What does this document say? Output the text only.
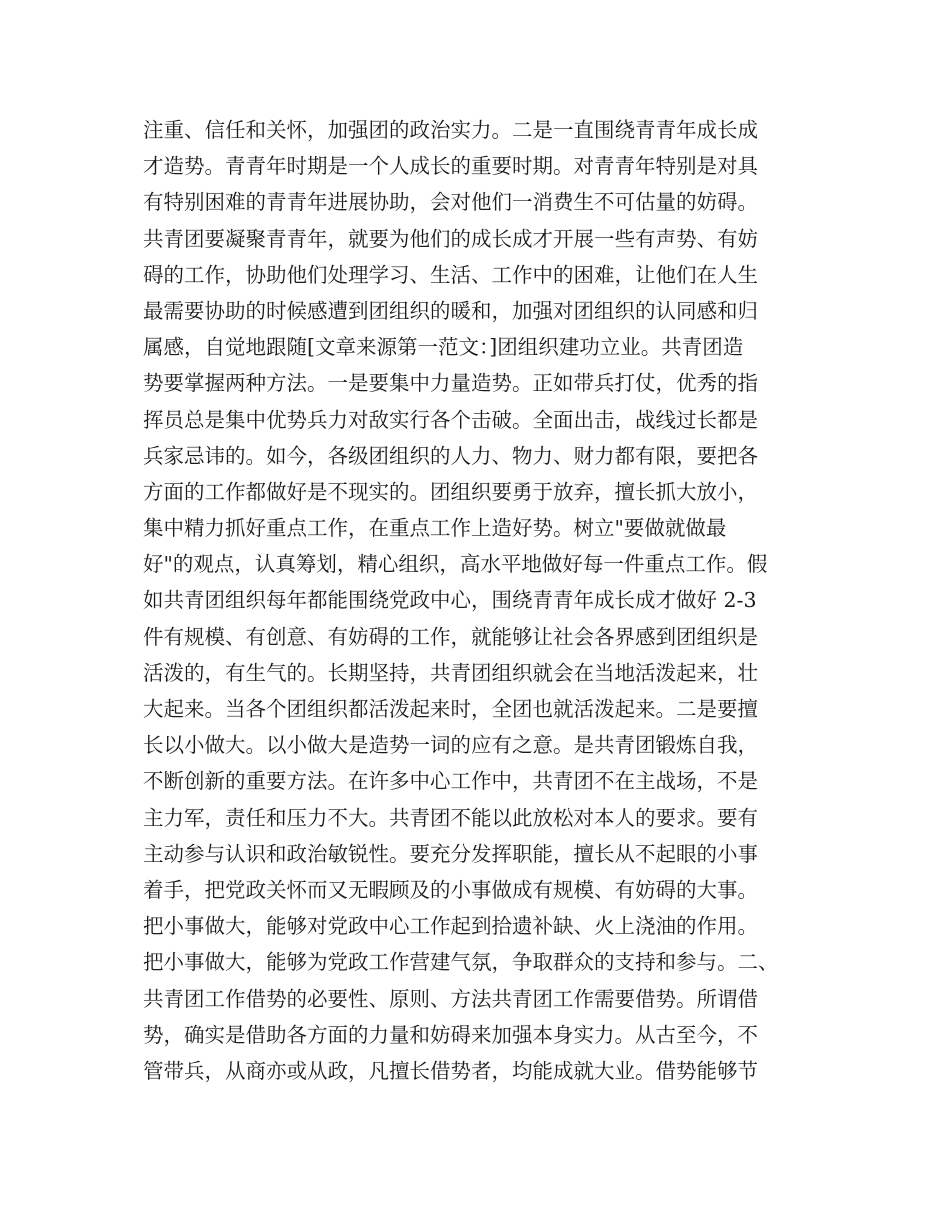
注重、信任和关怀，加强团的政治实力。二是一直围绕青青年成长成
才造势。青青年时期是一个人成长的重要时期。对青青年特别是对具
有特别困难的青青年进展协助，会对他们一消费生不可估量的妨碍。
共青团要凝聚青青年，就要为他们的成长成才开展一些有声势、有妨
碍的工作，协助他们处理学习、生活、工作中的困难，让他们在人生
最需要协助的时候感遭到团组织的暖和，加强对团组织的认同感和归
属感，自觉地跟随[文章来源第一范文：]团组织建功立业。共青团造
势要掌握两种方法。一是要集中力量造势。正如带兵打仗，优秀的指
挥员总是集中优势兵力对敌实行各个击破。全面出击，战线过长都是
兵家忌讳的。如今，各级团组织的人力、物力、财力都有限，要把各
方面的工作都做好是不现实的。团组织要勇于放弃，擅长抓大放小，
集中精力抓好重点工作，在重点工作上造好势。树立"要做就做最
好"的观点，认真筹划，精心组织，高水平地做好每一件重点工作。假
如共青团组织每年都能围绕党政中心，围绕青青年成长成才做好 2-3
件有规模、有创意、有妨碍的工作，就能够让社会各界感到团组织是
活泼的，有生气的。长期坚持，共青团组织就会在当地活泼起来，壮
大起来。当各个团组织都活泼起来时，全团也就活泼起来。二是要擅
长以小做大。以小做大是造势一词的应有之意。是共青团锻炼自我，
不断创新的重要方法。在许多中心工作中，共青团不在主战场，不是
主力军，责任和压力不大。共青团不能以此放松对本人的要求。要有
主动参与认识和政治敏锐性。要充分发挥职能，擅长从不起眼的小事
着手，把党政关怀而又无暇顾及的小事做成有规模、有妨碍的大事。
把小事做大，能够对党政中心工作起到拾遗补缺、火上浇油的作用。
把小事做大，能够为党政工作营建气氛，争取群众的支持和参与。二、
共青团工作借势的必要性、原则、方法共青团工作需要借势。所谓借
势，确实是借助各方面的力量和妨碍来加强本身实力。从古至今，不
管带兵，从商亦或从政，凡擅长借势者，均能成就大业。借势能够节
